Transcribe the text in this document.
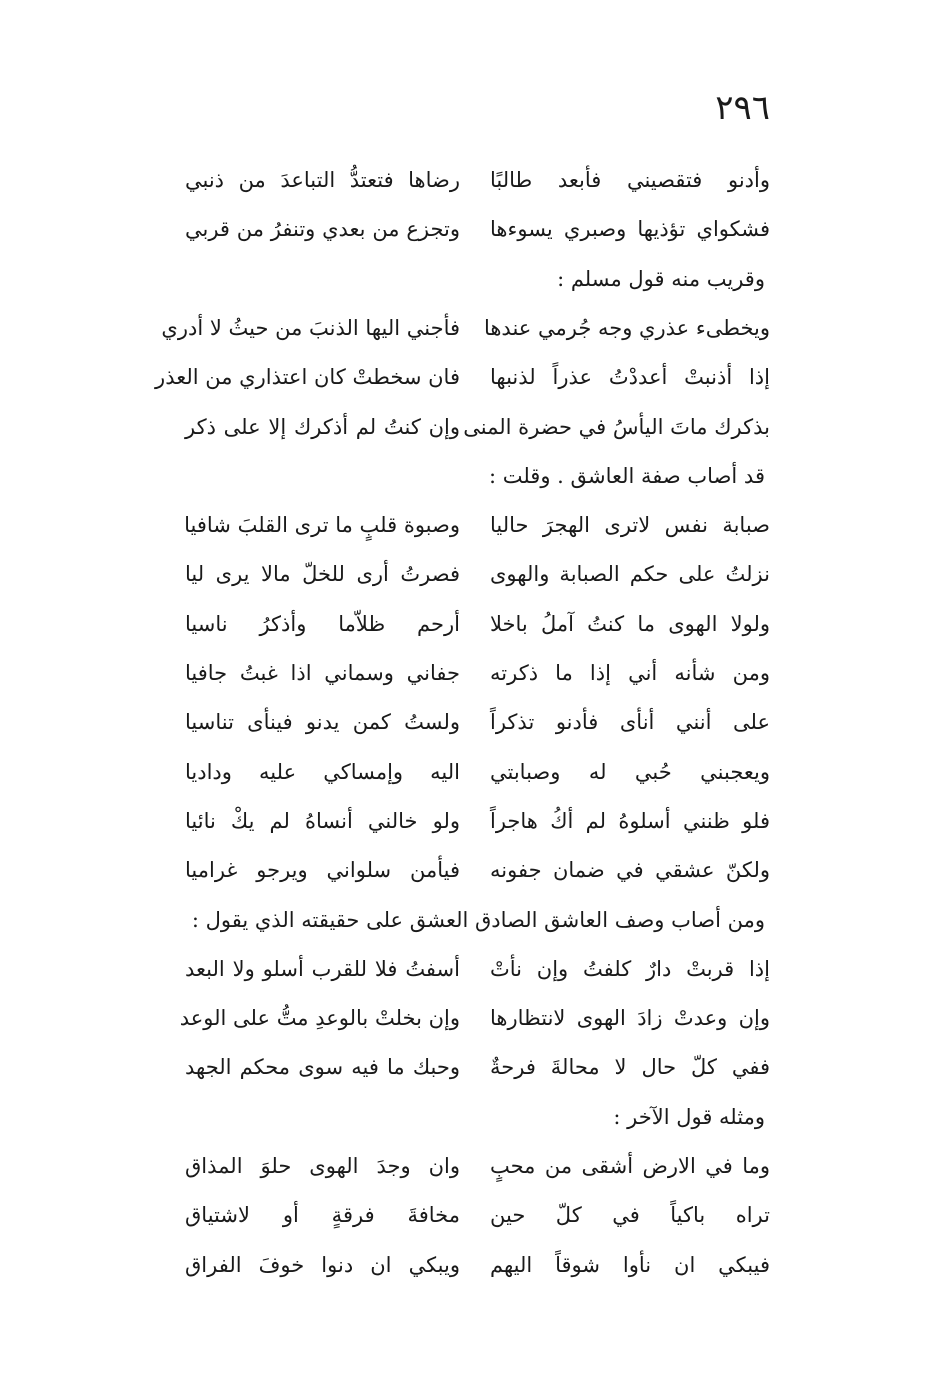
٢٩٦
وأدنو فتقصيني فأبعد طالبًا
رضاها فتعتدُّ التباعدَ من ذنبي
فشكواي تؤذيها وصبري يسوءها
وتجزع من بعدي وتنفرُ من قربي
وقريب منه قول مسلم :
ويخطىء عذري وجه جُرمي عندها
فأجني اليها الذنبَ من حيثُ لا أدري
إذا أذنبتْ أعددْتُ عذراً لذنبها
فان سخطتْ كان اعتذاري من العذر
بذكرك ماتَ اليأسُ في حضرة المنى
وإن كنتُ لم أذكرك إلا على ذكر
قد أصاب صفة العاشق . وقلت :
صبابة نفس لاترى الهجرَ حاليا
وصبوة قلبٍ ما ترى القلبَ شافيا
نزلتُ على حكم الصبابة والهوى
فصرتُ أرى للخلّ مالا يرى ليا
ولولا الهوى ما كنتُ آملُ باخلا
أرحم ظلاّما وأذكرُ ناسيا
ومن شأنه أني إذا ما ذكرته
جفاني وسماني اذا غبتُ جافيا
على أنني أنأى فأدنو تذكراً
ولستُ كمن يدنو فينأى تناسيا
ويعجبني حُبي له وصبابتي
اليه وإمساكي عليه ودادیا
فلو ظنني أسلوهُ لم أكُ هاجراً
ولو خالني أنساهُ لم يكْ نائيا
ولكنّ عشقي في ضمان جفونه
فيأمن سلواني ويرجو غراميا
ومن أصاب وصف العاشق الصادق العشق على حقيقته الذي يقول :
إذا قربتْ دارٌ كلفتُ وإن نأتْ
أسفتُ فلا للقرب أسلو ولا البعد
وإن وعدتْ زادَ الهوى لانتظارها
وإن بخلتْ بالوعدِ متُّ على الوعد
ففي كلّ حال لا محالةَ فرحةٌ
وحبك ما فيه سوى محكم الجهد
ومثله قول الآخر :
وما في الارض أشقى من محبٍ
وان وجدَ الهوى حلوَ المذاق
تراه باكياً في كلّ حين
مخافةَ فرقةٍ أو لاشتياق
فيبكي ان نأوا شوقاً اليهم
ويبكي ان دنوا خوفَ الفراق
